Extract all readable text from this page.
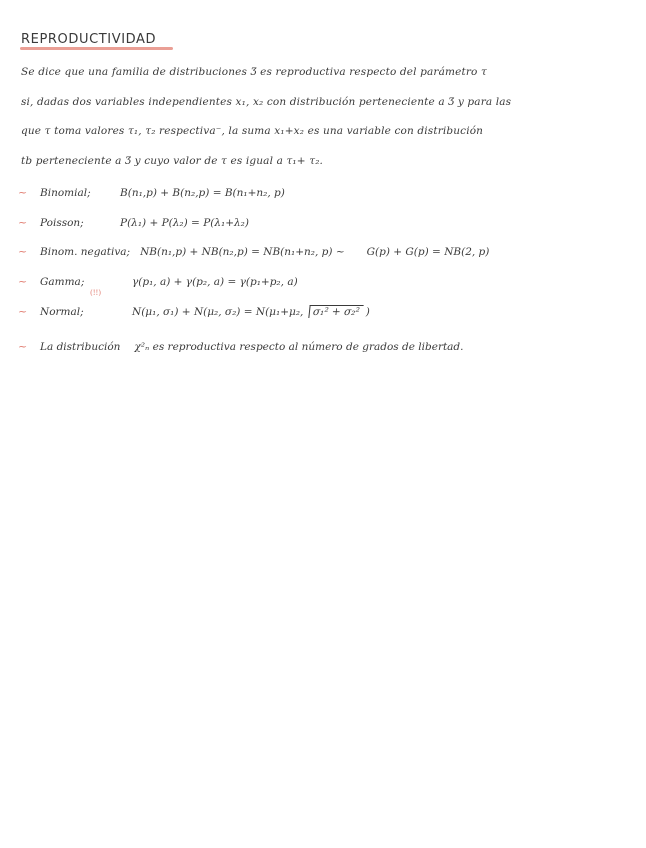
REPRODUCTIVIDAD
Se dice que una familia de distribuciones Ʒ es reproductiva respecto del parámetro τ
si, dadas dos variables independientes x₁, x₂ con distribución perteneciente a Ʒ y para las
que τ toma valores τ₁, τ₂ respectiva⁻, la suma x₁+x₂ es una variable con distribución
tb perteneciente a Ʒ y cuyo valor de τ es igual a τ₁+ τ₂.
~ Binomial;	B(n₁,p) + B(n₂,p) = B(n₁+n₂, p)
~ Poisson;	P(λ₁) + P(λ₂) = P(λ₁+λ₂)
~ Binom. negativa; NB(n₁,p) + NB(n₂,p) = NB(n₁+n₂, p) ~ G(p) + G(p) = NB(2, p)
~ Gamma;	γ(p₁, a) + γ(p₂, a) = γ(p₁+p₂, a)
(!!)
~ Normal;	N(μ₁, σ₁) + N(μ₂, σ₂) = N(μ₁+μ₂, σ₁² + σ₂² )
~ La distribución χ²ₙ es reproductiva respecto al número de grados de libertad.
